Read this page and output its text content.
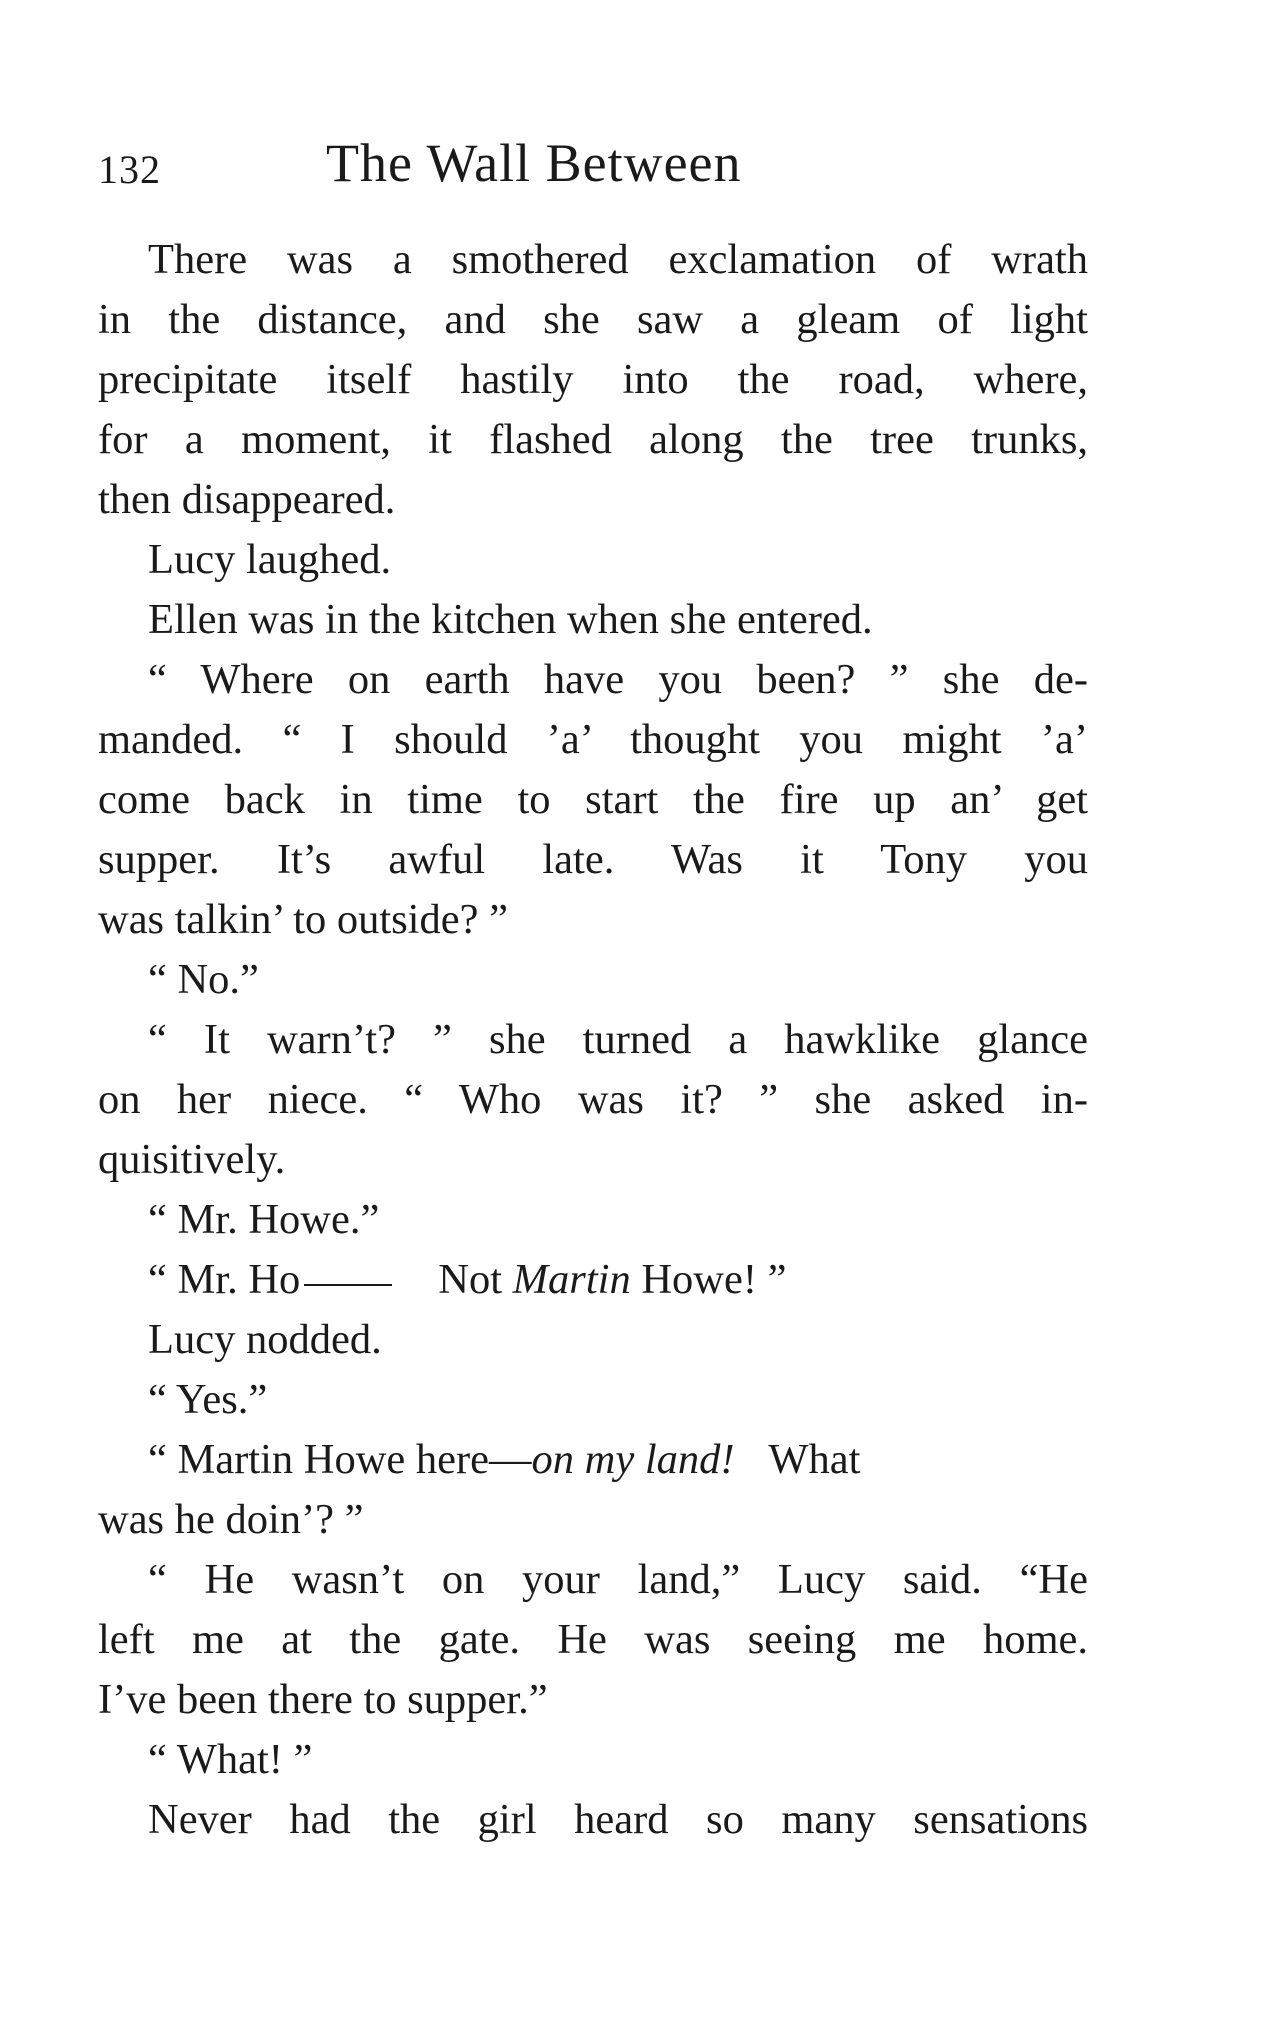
132	The Wall Between
There was a smothered exclamation of wrath
in the distance, and she saw a gleam of light
precipitate itself hastily into the road, where,
for a moment, it flashed along the tree trunks,
then disappeared.
Lucy laughed.
Ellen was in the kitchen when she entered.
“ Where on earth have you been? ” she de-
manded. “ I should ’a’ thought you might ’a’
come back in time to start the fire up an’ get
supper. It’s awful late. Was it Tony you
was talkin’ to outside? ”
“ No.”
“ It warn’t? ” she turned a hawklike glance
on her niece. “ Who was it? ” she asked in-
quisitively.
“ Mr. Howe.”
“ Mr. Ho	Not Martin Howe! ”
Lucy nodded.
“ Yes.”
“ Martin Howe here—on my land! What
was he doin’? ”
“ He wasn’t on your land,” Lucy said. “He
left me at the gate. He was seeing me home.
I’ve been there to supper.”
“ What! ”
Never had the girl heard so many sensations
